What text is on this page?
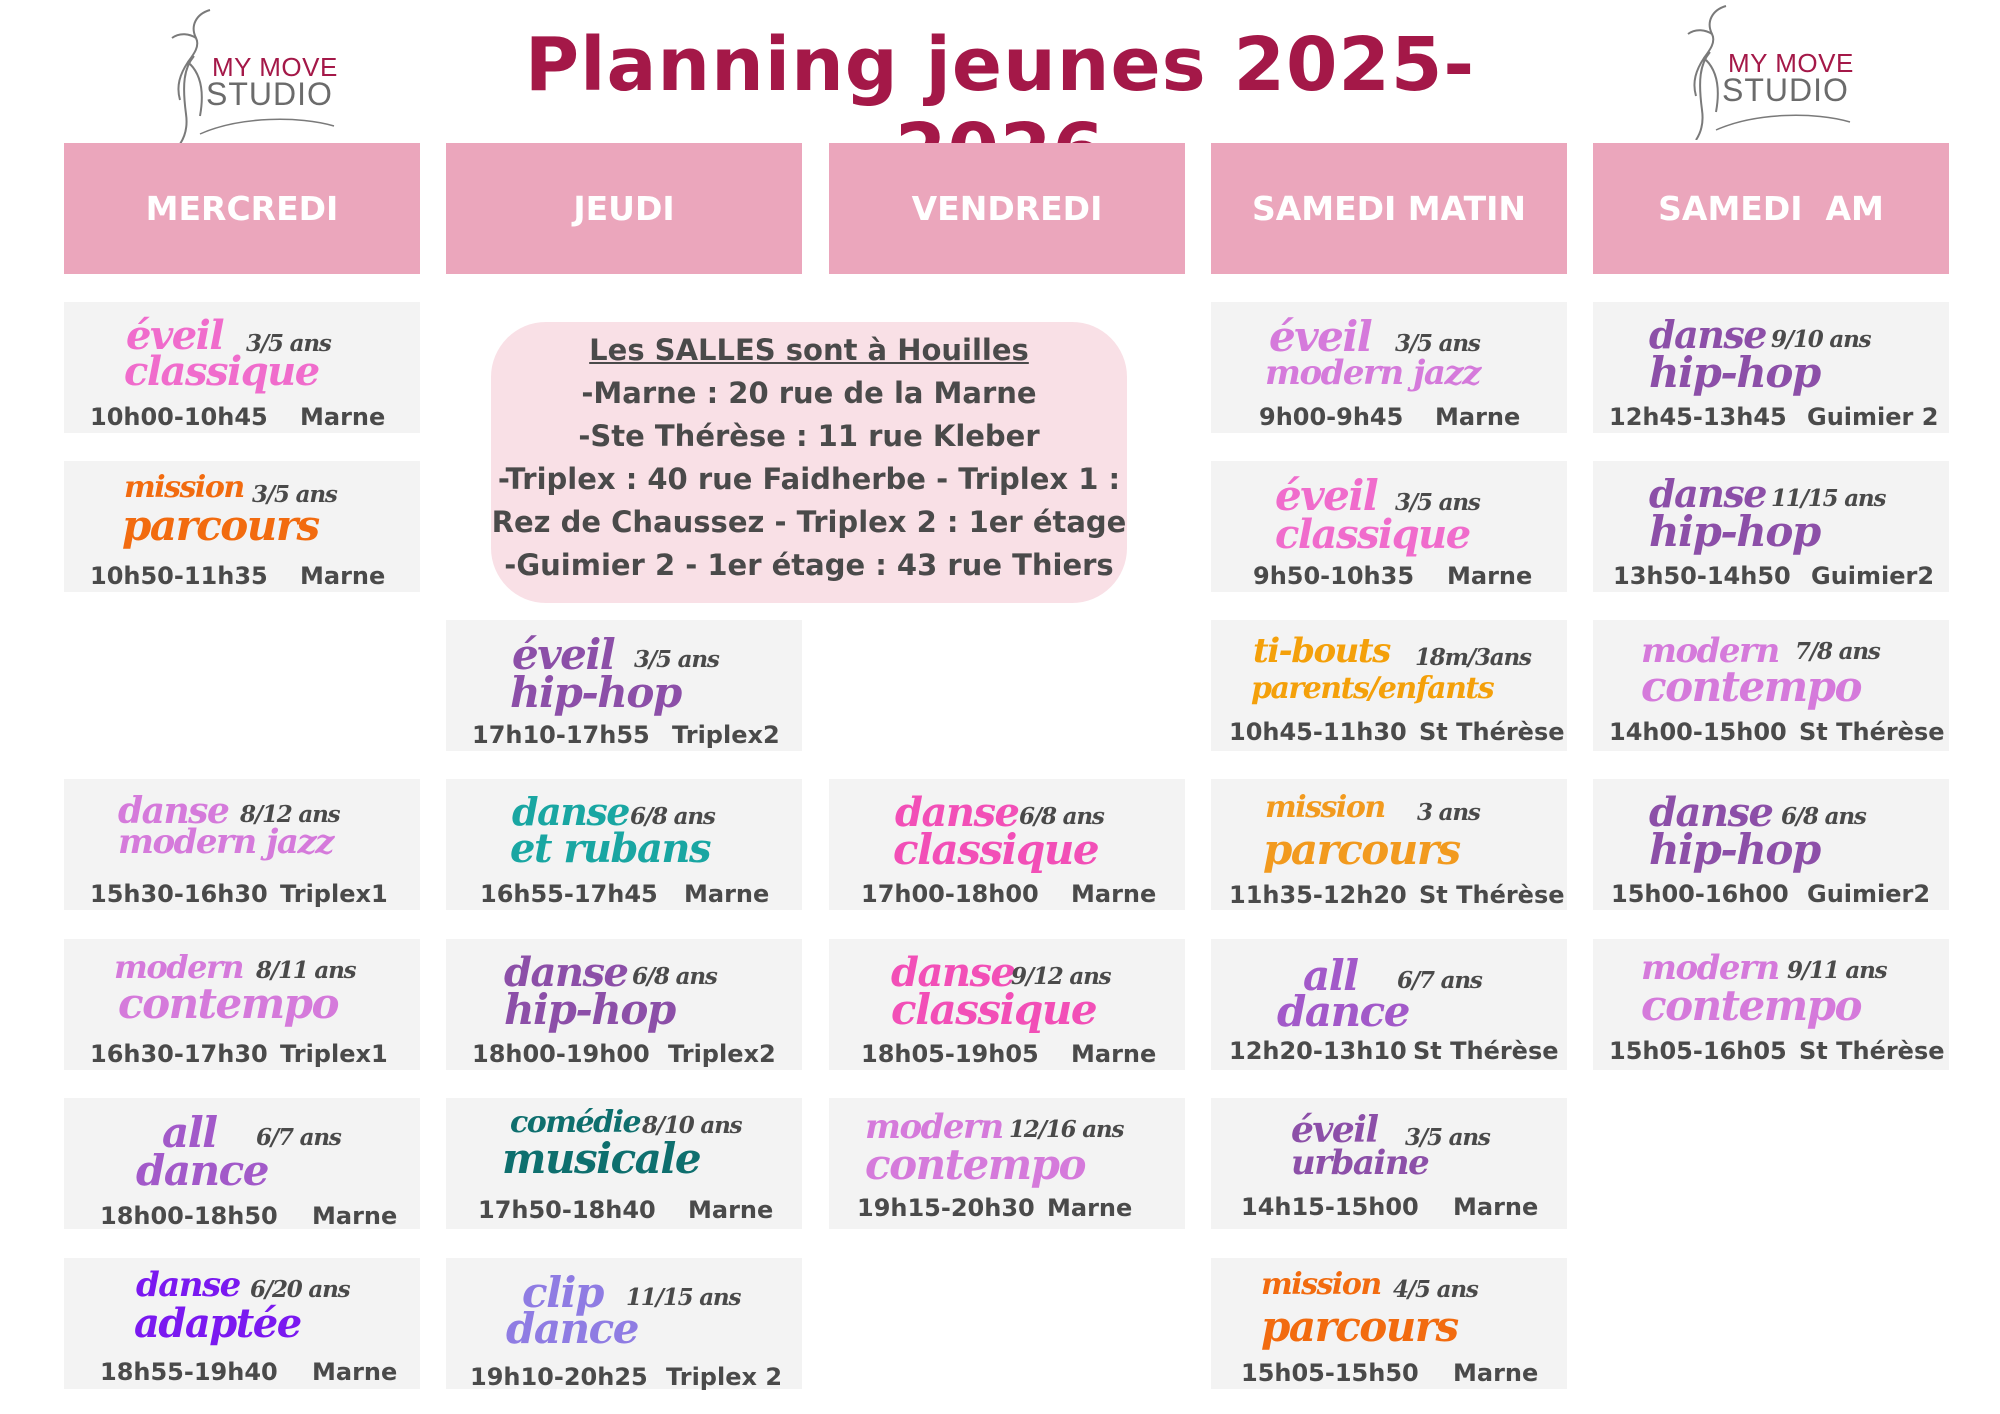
Planning jeunes 2025-
MY MOVE
STUDIO
MY MOVE
STUDIO
MERCREDI	JEUDI	VENDREDI	SAMEDI MATIN	SAMEDI  AM
Les SALLES sont à Houilles
-Marne : 20 rue de la Marne
-Ste Thérèse : 11 rue Kleber
-Triplex : 40 rue Faidherbe - Triplex 1 :
Rez de Chaussez - Triplex 2 : 1er étage
-Guimier 2 - 1er étage : 43 rue Thiers
éveil
classique
3/5 ans
10h00-10h45 Marne
mission
parcours
3/5 ans
10h50-11h35 Marne
danse
modern jazz
8/12 ans
15h30-16h30 Triplex1
modern
contempo
8/11 ans
16h30-17h30 Triplex1
all
dance
6/7 ans
18h00-18h50 Marne
danse
adaptée
6/20 ans
18h55-19h40 Marne
éveil
hip-hop
3/5 ans
17h10-17h55 Triplex2
danse
et rubans
6/8 ans
16h55-17h45 Marne
danse
hip-hop
6/8 ans
18h00-19h00 Triplex2
comédie
musicale
8/10 ans
17h50-18h40 Marne
clip
dance
11/15 ans
19h10-20h25 Triplex 2
danse
classique
6/8 ans
17h00-18h00 Marne
danse
classique
9/12 ans
18h05-19h05 Marne
modern
contempo
12/16 ans
19h15-20h30 Marne
éveil
modern jazz
3/5 ans
9h00-9h45 Marne
éveil
classique
3/5 ans
9h50-10h35 Marne
ti-bouts
parents/enfants
18m/3ans
10h45-11h30 St Thérèse
mission
parcours
3 ans
11h35-12h20 St Thérèse
all
dance
6/7 ans
12h20-13h10 St Thérèse
éveil
urbaine
3/5 ans
14h15-15h00 Marne
mission
parcours
4/5 ans
15h05-15h50 Marne
danse
hip-hop
9/10 ans
12h45-13h45 Guimier 2
danse
hip-hop
11/15 ans
13h50-14h50 Guimier2
modern
contempo
7/8 ans
14h00-15h00 St Thérèse
danse
hip-hop
6/8 ans
15h00-16h00 Guimier2
modern
contempo
9/11 ans
15h05-16h05 St Thérèse
